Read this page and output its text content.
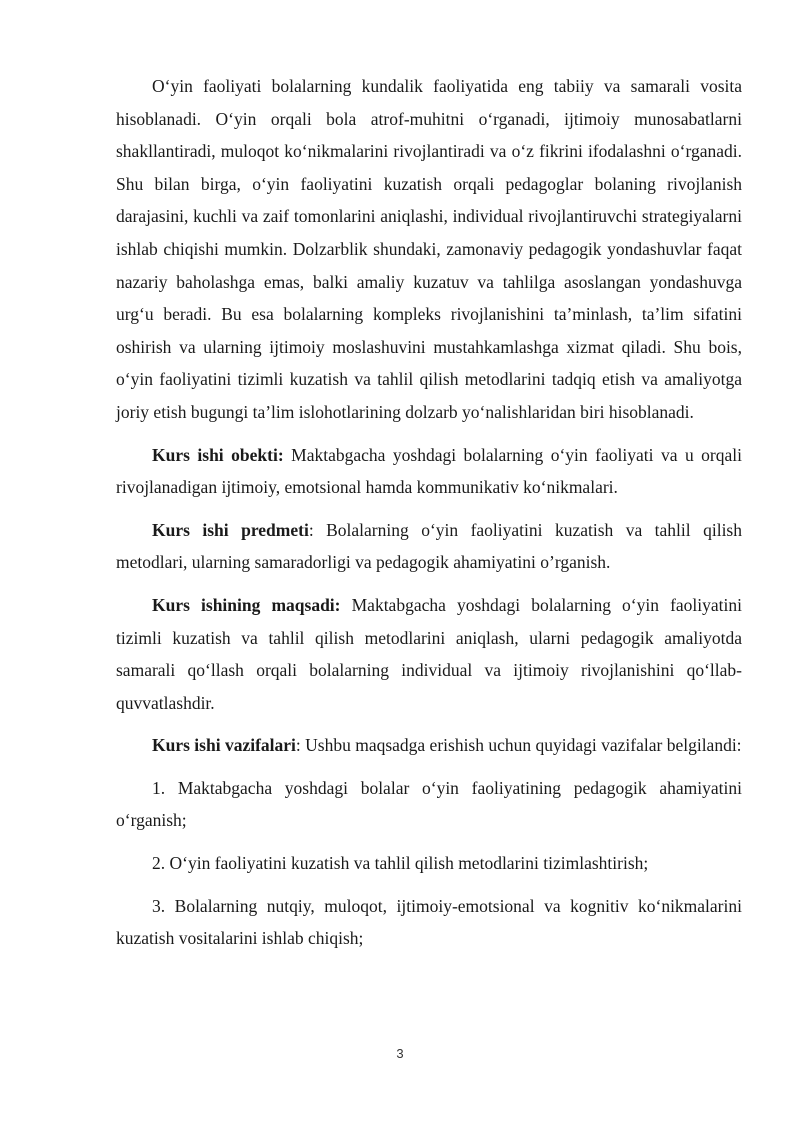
O‘yin faoliyati bolalarning kundalik faoliyatida eng tabiiy va samarali vosita hisoblanadi. O‘yin orqali bola atrof-muhitni o‘rganadi, ijtimoiy munosabatlarni shakllantiradi, muloqot ko‘nikmalarini rivojlantiradi va o‘z fikrini ifodalashni o‘rganadi. Shu bilan birga, o‘yin faoliyatini kuzatish orqali pedagoglar bolaning rivojlanish darajasini, kuchli va zaif tomonlarini aniqlashi, individual rivojlantiruvchi strategiyalarni ishlab chiqishi mumkin. Dolzarblik shundaki, zamonaviy pedagogik yondashuvlar faqat nazariy baholashga emas, balki amaliy kuzatuv va tahlilga asoslangan yondashuvga urg‘u beradi. Bu esa bolalarning kompleks rivojlanishini ta’minlash, ta’lim sifatini oshirish va ularning ijtimoiy moslashuvini mustahkamlashga xizmat qiladi. Shu bois, o‘yin faoliyatini tizimli kuzatish va tahlil qilish metodlarini tadqiq etish va amaliyotga joriy etish bugungi ta’lim islohotlarining dolzarb yo‘nalishlaridan biri hisoblanadi.

Kurs ishi obekti: Maktabgacha yoshdagi bolalarning o‘yin faoliyati va u orqali rivojlanadigan ijtimoiy, emotsional hamda kommunikativ ko‘nikmalari.

Kurs ishi predmeti: Bolalarning o‘yin faoliyatini kuzatish va tahlil qilish metodlari, ularning samaradorligi va pedagogik ahamiyatini o’rganish.

Kurs ishining maqsadi: Maktabgacha yoshdagi bolalarning o‘yin faoliyatini tizimli kuzatish va tahlil qilish metodlarini aniqlash, ularni pedagogik amaliyotda samarali qo‘llash orqali bolalarning individual va ijtimoiy rivojlanishini qo‘llab-quvvatlashdir.

Kurs ishi vazifalari: Ushbu maqsadga erishish uchun quyidagi vazifalar belgilandi:

1. Maktabgacha yoshdagi bolalar o‘yin faoliyatining pedagogik ahamiyatini o‘rganish;

2. O‘yin faoliyatini kuzatish va tahlil qilish metodlarini tizimlashtirish;

3. Bolalarning nutqiy, muloqot, ijtimoiy-emotsional va kognitiv ko‘nikmalarini kuzatish vositalarini ishlab chiqish;

3
